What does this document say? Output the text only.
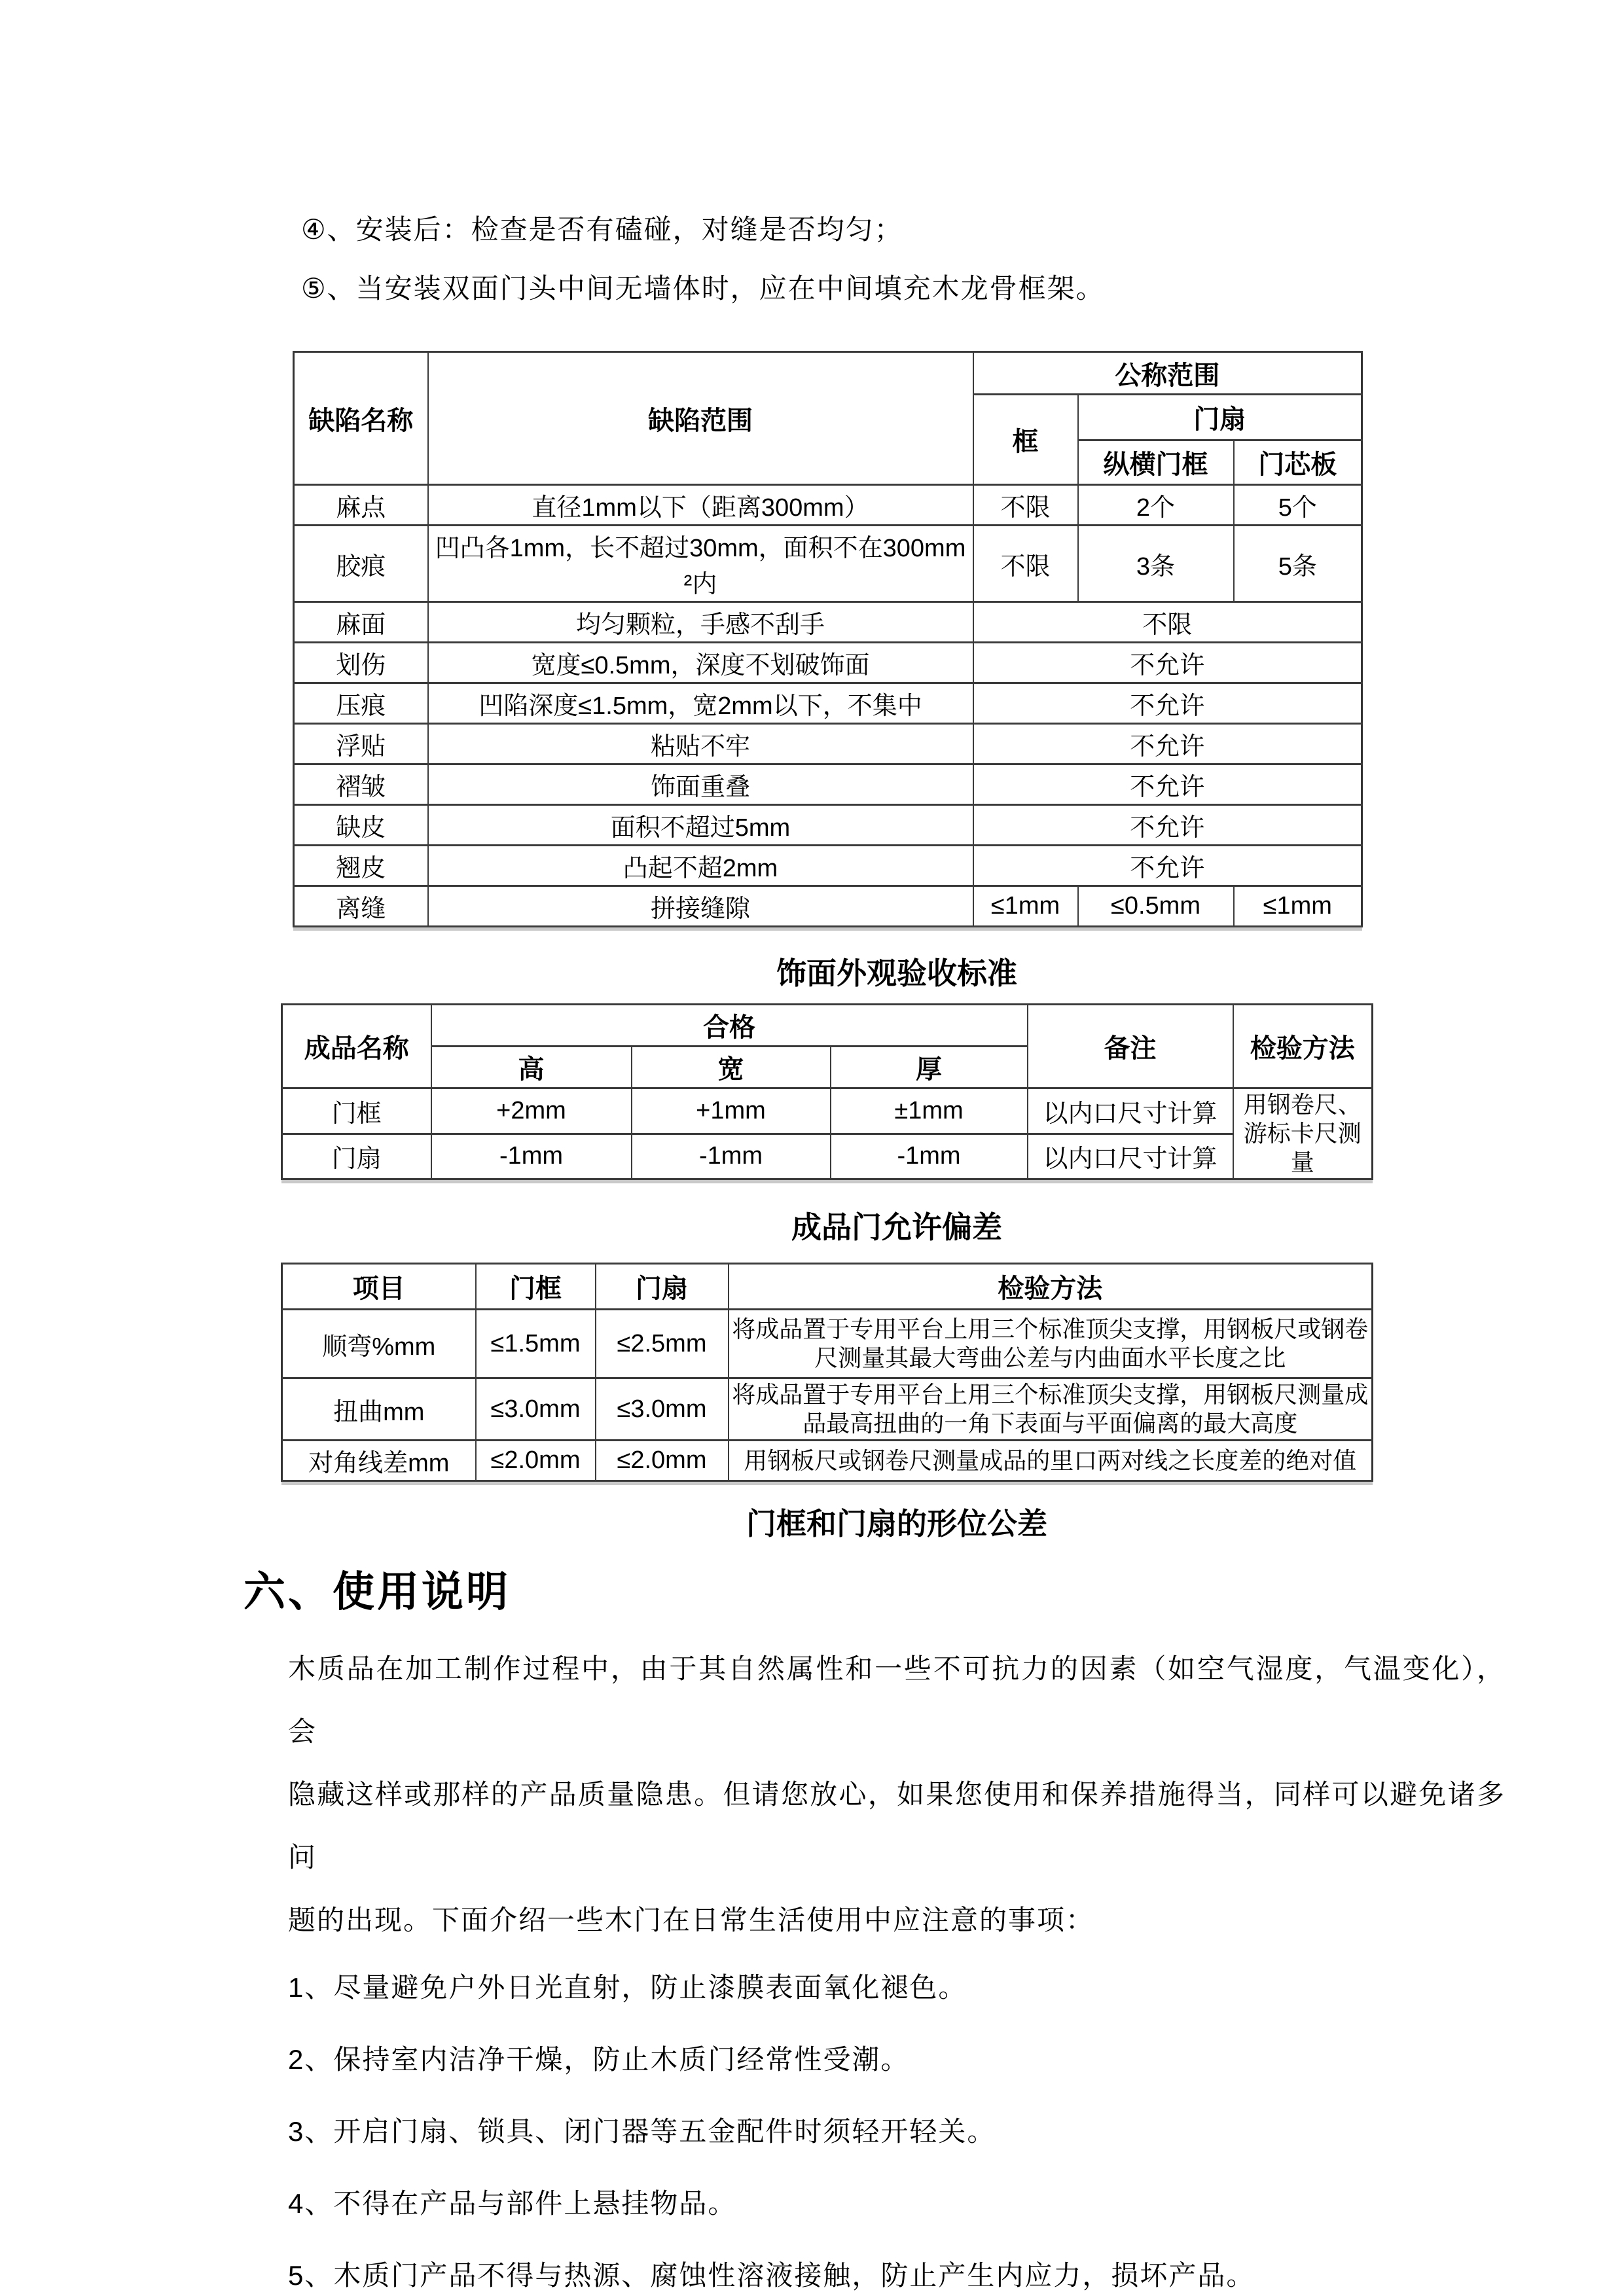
④、安装后：检查是否有磕碰，对缝是否均匀；
⑤、当安装双面门头中间无墙体时，应在中间填充木龙骨框架。
缺陷名称	缺陷范围	公称范围		
		框	门扇	
			纵横门框	门芯板
麻点	直径1mm以下（距离300mm）	不限	2个	5个
胶痕	凹凸各1mm，长不超过30mm，面积不在300mm²内	不限	3条	5条
麻面	均匀颗粒，手感不刮手	不限		
划伤	宽度≤0.5mm，深度不划破饰面	不允许		
压痕	凹陷深度≤1.5mm，宽2mm以下，不集中	不允许		
浮贴	粘贴不牢	不允许		
褶皱	饰面重叠	不允许		
缺皮	面积不超过5mm	不允许		
翘皮	凸起不超2mm	不允许		
离缝	拼接缝隙	≤1mm	≤0.5mm	≤1mm
饰面外观验收标准
成品名称	合格			备注	检验方法
	高	宽	厚		
门框	+2mm	+1mm	±1mm	以内口尺寸计算	用钢卷尺、游标卡尺测量
门扇	-1mm	-1mm	-1mm	以内口尺寸计算	
成品门允许偏差
项目	门框	门扇	检验方法
顺弯%mm	≤1.5mm	≤2.5mm	将成品置于专用平台上用三个标准顶尖支撑，用钢板尺或钢卷尺测量其最大弯曲公差与内曲面水平长度之比
扭曲mm	≤3.0mm	≤3.0mm	将成品置于专用平台上用三个标准顶尖支撑，用钢板尺测量成品最高扭曲的一角下表面与平面偏离的最大高度
对角线差mm	≤2.0mm	≤2.0mm	用钢板尺或钢卷尺测量成品的里口两对线之长度差的绝对值
门框和门扇的形位公差
六、使用说明
木质品在加工制作过程中，由于其自然属性和一些不可抗力的因素（如空气湿度，气温变化），会
隐藏这样或那样的产品质量隐患。但请您放心，如果您使用和保养措施得当，同样可以避免诸多问
题的出现。下面介绍一些木门在日常生活使用中应注意的事项：
1、尽量避免户外日光直射，防止漆膜表面氧化褪色。
2、保持室内洁净干燥，防止木质门经常性受潮。
3、开启门扇、锁具、闭门器等五金配件时须轻开轻关。
4、不得在产品与部件上悬挂物品。
5、木质门产品不得与热源、腐蚀性溶液接触，防止产生内应力，损坏产品。
